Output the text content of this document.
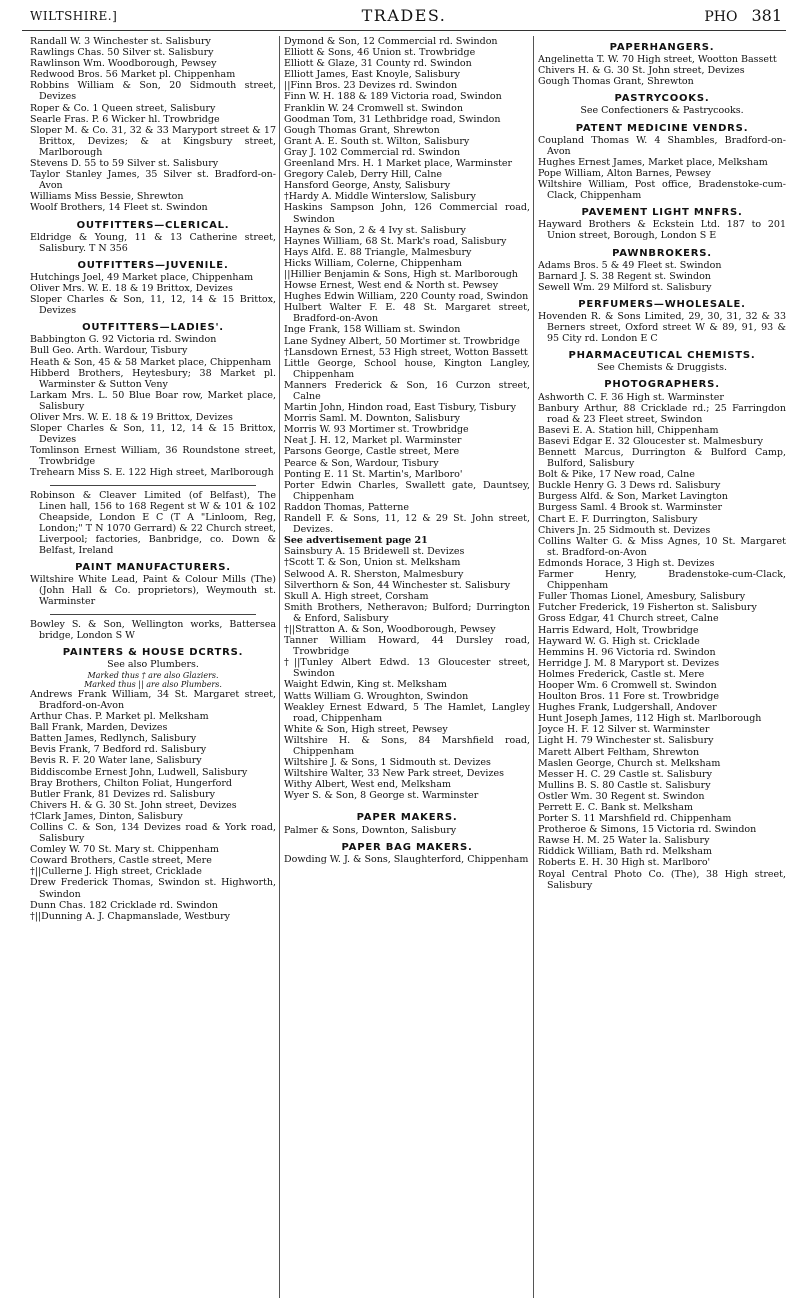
WILTSHIRE.]	TRADES.	PHO 381
Randall W. 3 Winchester st. Salisbury
Rawlings Chas. 50 Silver st. Salisbury
Rawlinson Wm. Woodborough, Pewsey
Redwood Bros. 56 Market pl. Chippenham
Robbins William & Son, 20 Sidmouth street, Devizes
Roper & Co. 1 Queen street, Salisbury
Searle Fras. P. 6 Wicker hl. Trowbridge
Sloper M. & Co. 31, 32 & 33 Maryport street & 17 Brittox, Devizes; & at Kingsbury street, Marlborough
Stevens D. 55 to 59 Silver st. Salisbury
Taylor Stanley James, 35 Silver st. Bradford-on-Avon
Williams Miss Bessie, Shrewton
Woolf Brothers, 14 Fleet st. Swindon
OUTFITTERS—CLERICAL.
Eldridge & Young, 11 & 13 Catherine street, Salisbury. T N 356
OUTFITTERS—JUVENILE.
Hutchings Joel, 49 Market place, Chippenham
Oliver Mrs. W. E. 18 & 19 Brittox, Devizes
Sloper Charles & Son, 11, 12, 14 & 15 Brittox, Devizes
OUTFITTERS—LADIES'.
Babbington G. 92 Victoria rd. Swindon
Bull Geo. Arth. Wardour, Tisbury
Heath & Son, 45 & 58 Market place, Chippenham
Hibberd Brothers, Heytesbury; 38 Market pl. Warminster & Sutton Veny
Larkam Mrs. L. 50 Blue Boar row, Market place, Salisbury
Oliver Mrs. W. E. 18 & 19 Brittox, Devizes
Sloper Charles & Son, 11, 12, 14 & 15 Brittox, Devizes
Tomlinson Ernest William, 36 Roundstone street, Trowbridge
Trehearn Miss S. E. 122 High street, Marlborough
Robinson & Cleaver Limited (of Belfast), The Linen hall, 156 to 168 Regent st W & 101 & 102 Cheapside, London E C (T A "Linloom, Reg, London;" T N 1070 Gerrard) & 22 Church street, Liverpool; factories, Banbridge, co. Down & Belfast, Ireland
PAINT MANUFACTURERS.
Wiltshire White Lead, Paint & Colour Mills (The) (John Hall & Co. proprietors), Weymouth st. Warminster
Bowley S. & Son, Wellington works, Battersea bridge, London S W
PAINTERS & HOUSE DCRTRS.
See also Plumbers.
Marked thus † are also Glaziers.
Marked thus || are also Plumbers.
Andrews Frank William, 34 St. Margaret street, Bradford-on-Avon
Arthur Chas. P. Market pl. Melksham
Ball Frank, Marden, Devizes
Batten James, Redlynch, Salisbury
Bevis Frank, 7 Bedford rd. Salisbury
Bevis R. F. 20 Water lane, Salisbury
Biddiscombe Ernest John, Ludwell, Salisbury
Bray Brothers, Chilton Foliat, Hungerford
Butler Frank, 81 Devizes rd. Salisbury
Chivers H. & G. 30 St. John street, Devizes
†Clark James, Dinton, Salisbury
Collins C. & Son, 134 Devizes road & York road, Salisbury
Comley W. 70 St. Mary st. Chippenham
Coward Brothers, Castle street, Mere
†||Cullerne J. High street, Cricklade
Drew Frederick Thomas, Swindon st. Highworth, Swindon
Dunn Chas. 182 Cricklade rd. Swindon
†||Dunning A. J. Chapmanslade, Westbury
Dymond & Son, 12 Commercial rd. Swindon
Elliott & Sons, 46 Union st. Trowbridge
Elliott & Glaze, 31 County rd. Swindon
Elliott James, East Knoyle, Salisbury
||Finn Bros. 23 Devizes rd. Swindon
Finn W. H. 188 & 189 Victoria road, Swindon
Franklin W. 24 Cromwell st. Swindon
Goodman Tom, 31 Lethbridge road, Swindon
Gough Thomas Grant, Shrewton
Grant A. E. South st. Wilton, Salisbury
Gray J. 102 Commercial rd. Swindon
Greenland Mrs. H. 1 Market place, Warminster
Gregory Caleb, Derry Hill, Calne
Hansford George, Ansty, Salisbury
†Hardy A. Middle Winterslow, Salisbury
Haskins Sampson John, 126 Commercial road, Swindon
Haynes & Son, 2 & 4 Ivy st. Salisbury
Haynes William, 68 St. Mark's road, Salisbury
Hays Alfd. E. 88 Triangle, Malmesbury
Hicks William, Colerne, Chippenham
||Hillier Benjamin & Sons, High st. Marlborough
Howse Ernest, West end & North st. Pewsey
Hughes Edwin William, 220 County road, Swindon
Hulbert Walter F. E. 48 St. Margaret street, Bradford-on-Avon
Inge Frank, 158 William st. Swindon
Lane Sydney Albert, 50 Mortimer st. Trowbridge
†Lansdown Ernest, 53 High street, Wotton Bassett
Little George, School house, Kington Langley, Chippenham
Manners Frederick & Son, 16 Curzon street, Calne
Martin John, Hindon road, East Tisbury, Tisbury
Morris Saml. M. Downton, Salisbury
Morris W. 93 Mortimer st. Trowbridge
Neat J. H. 12, Market pl. Warminster
Parsons George, Castle street, Mere
Pearce & Son, Wardour, Tisbury
Ponting E. 11 St. Martin's, Marlboro'
Porter Edwin Charles, Swallett gate, Dauntsey, Chippenham
Raddon Thomas, Patterne
Randell F. & Sons, 11, 12 & 29 St. John street, Devizes.
See advertisement page 21
Sainsbury A. 15 Bridewell st. Devizes
†Scott T. & Son, Union st. Melksham
Selwood A. R. Sherston, Malmesbury
Silverthorn & Son, 44 Winchester st. Salisbury
Skull A. High street, Corsham
Smith Brothers, Netheravon; Bulford; Durrington & Enford, Salisbury
†||Stratton A. & Son, Woodborough, Pewsey
Tanner William Howard, 44 Dursley road, Trowbridge
†||Tunley Albert Edwd. 13 Gloucester street, Swindon
Waight Edwin, King st. Melksham
Watts William G. Wroughton, Swindon
Weakley Ernest Edward, 5 The Hamlet, Langley road, Chippenham
White & Son, High street, Pewsey
Wiltshire H. & Sons, 84 Marshfield road, Chippenham
Wiltshire J. & Sons, 1 Sidmouth st. Devizes
Wiltshire Walter, 33 New Park street, Devizes
Withy Albert, West end, Melksham
Wyer S. & Son, 8 George st. Warminster
PAPER MAKERS.
Palmer & Sons, Downton, Salisbury
PAPER BAG MAKERS.
Dowding W. J. & Sons, Slaughterford, Chippenham
PAPERHANGERS.
Angelinetta T. W. 70 High street, Wootton Bassett
Chivers H. & G. 30 St. John street, Devizes
Gough Thomas Grant, Shrewton
PASTRYCOOKS.
See Confectioners & Pastrycooks.
PATENT MEDICINE VENDRS.
Coupland Thomas W. 4 Shambles, Bradford-on-Avon
Hughes Ernest James, Market place, Melksham
Pope William, Alton Barnes, Pewsey
Wiltshire William, Post office, Bradenstoke-cum-Clack, Chippenham
PAVEMENT LIGHT MNFRS.
Hayward Brothers & Eckstein Ltd. 187 to 201 Union street, Borough, London S E
PAWNBROKERS.
Adams Bros. 5 & 49 Fleet st. Swindon
Barnard J. S. 38 Regent st. Swindon
Sewell Wm. 29 Milford st. Salisbury
PERFUMERS—WHOLESALE.
Hovenden R. & Sons Limited, 29, 30, 31, 32 & 33 Berners street, Oxford street W & 89, 91, 93 & 95 City rd. London E C
PHARMACEUTICAL CHEMISTS.
See Chemists & Druggists.
PHOTOGRAPHERS.
Ashworth C. F. 36 High st. Warminster
Banbury Arthur, 88 Cricklade rd.; 25 Farringdon road & 23 Fleet street, Swindon
Basevi E. A. Station hill, Chippenham
Basevi Edgar E. 32 Gloucester st. Malmesbury
Bennett Marcus, Durrington & Bulford Camp, Bulford, Salisbury
Bolt & Pike, 17 New road, Calne
Buckle Henry G. 3 Dews rd. Salisbury
Burgess Alfd. & Son, Market Lavington
Burgess Saml. 4 Brook st. Warminster
Chart E. F. Durrington, Salisbury
Chivers Jn. 25 Sidmouth st. Devizes
Collins Walter G. & Miss Agnes, 10 St. Margaret st. Bradford-on-Avon
Edmonds Horace, 3 High st. Devizes
Farmer Henry, Bradenstoke-cum-Clack, Chippenham
Fuller Thomas Lionel, Amesbury, Salisbury
Futcher Frederick, 19 Fisherton st. Salisbury
Gross Edgar, 41 Church street, Calne
Harris Edward, Holt, Trowbridge
Hayward W. G. High st. Cricklade
Hemmins H. 96 Victoria rd. Swindon
Herridge J. M. 8 Maryport st. Devizes
Holmes Frederick, Castle st. Mere
Hooper Wm. 6 Cromwell st. Swindon
Houlton Bros. 11 Fore st. Trowbridge
Hughes Frank, Ludgershall, Andover
Hunt Joseph James, 112 High st. Marlborough
Joyce H. F. 12 Silver st. Warminster
Light H. 79 Winchester st. Salisbury
Marett Albert Feltham, Shrewton
Maslen George, Church st. Melksham
Messer H. C. 29 Castle st. Salisbury
Mullins B. S. 80 Castle st. Salisbury
Ostler Wm. 30 Regent st. Swindon
Perrett E. C. Bank st. Melksham
Porter S. 11 Marshfield rd. Chippenham
Protheroe & Simons, 15 Victoria rd. Swindon
Rawse H. M. 25 Water la. Salisbury
Riddick William, Bath rd. Melksham
Roberts E. H. 30 High st. Marlboro'
Royal Central Photo Co. (The), 38 High street, Salisbury
